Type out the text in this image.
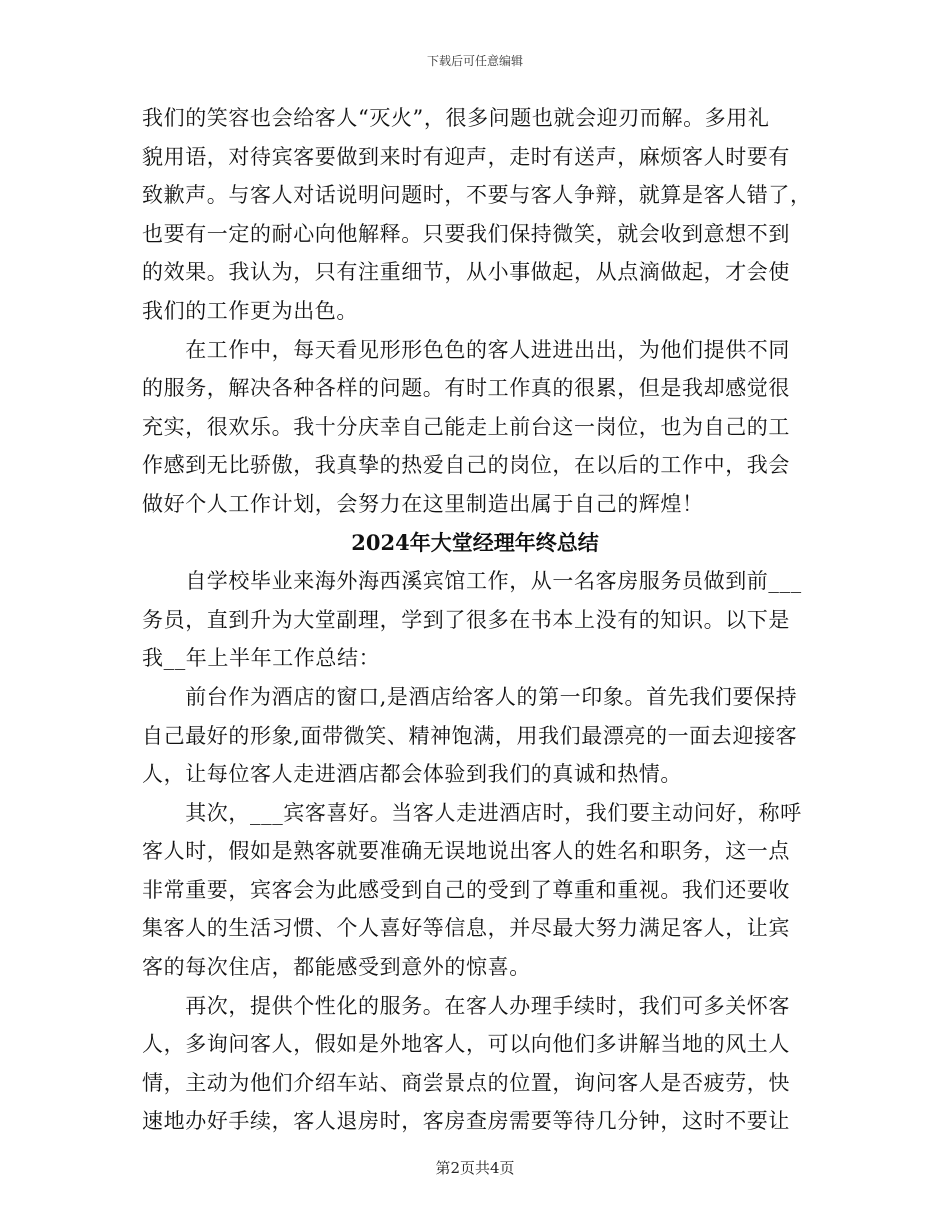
下载后可任意编辑
我们的笑容也会给客人“灭火”，很多问题也就会迎刃而解。多用礼
貌用语，对待宾客要做到来时有迎声，走时有送声，麻烦客人时要有
致歉声。与客人对话说明问题时，不要与客人争辩，就算是客人错了，
也要有一定的耐心向他解释。只要我们保持微笑，就会收到意想不到
的效果。我认为，只有注重细节，从小事做起，从点滴做起，才会使
我们的工作更为出色。
　　在工作中，每天看见形形色色的客人进进出出，为他们提供不同
的服务，解决各种各样的问题。有时工作真的很累，但是我却感觉很
充实，很欢乐。我十分庆幸自己能走上前台这一岗位，也为自己的工
作感到无比骄傲，我真挚的热爱自己的岗位，在以后的工作中，我会
做好个人工作计划，会努力在这里制造出属于自己的辉煌！
2024年大堂经理年终总结
　　自学校毕业来海外海西溪宾馆工作，从一名客房服务员做到前___
务员，直到升为大堂副理，学到了很多在书本上没有的知识。以下是
我__年上半年工作总结：
　　前台作为酒店的窗口,是酒店给客人的第一印象。首先我们要保持
自己最好的形象,面带微笑、精神饱满，用我们最漂亮的一面去迎接客
人，让每位客人走进酒店都会体验到我们的真诚和热情。
　　其次，___宾客喜好。当客人走进酒店时，我们要主动问好，称呼
客人时，假如是熟客就要准确无误地说出客人的姓名和职务，这一点
非常重要，宾客会为此感受到自己的受到了尊重和重视。我们还要收
集客人的生活习惯、个人喜好等信息，并尽最大努力满足客人，让宾
客的每次住店，都能感受到意外的惊喜。
　　再次，提供个性化的服务。在客人办理手续时，我们可多关怀客
人，多询问客人，假如是外地客人，可以向他们多讲解当地的风土人
情，主动为他们介绍车站、商尝景点的位置，询问客人是否疲劳，快
速地办好手续，客人退房时，客房查房需要等待几分钟，这时不要让
第2页共4页
